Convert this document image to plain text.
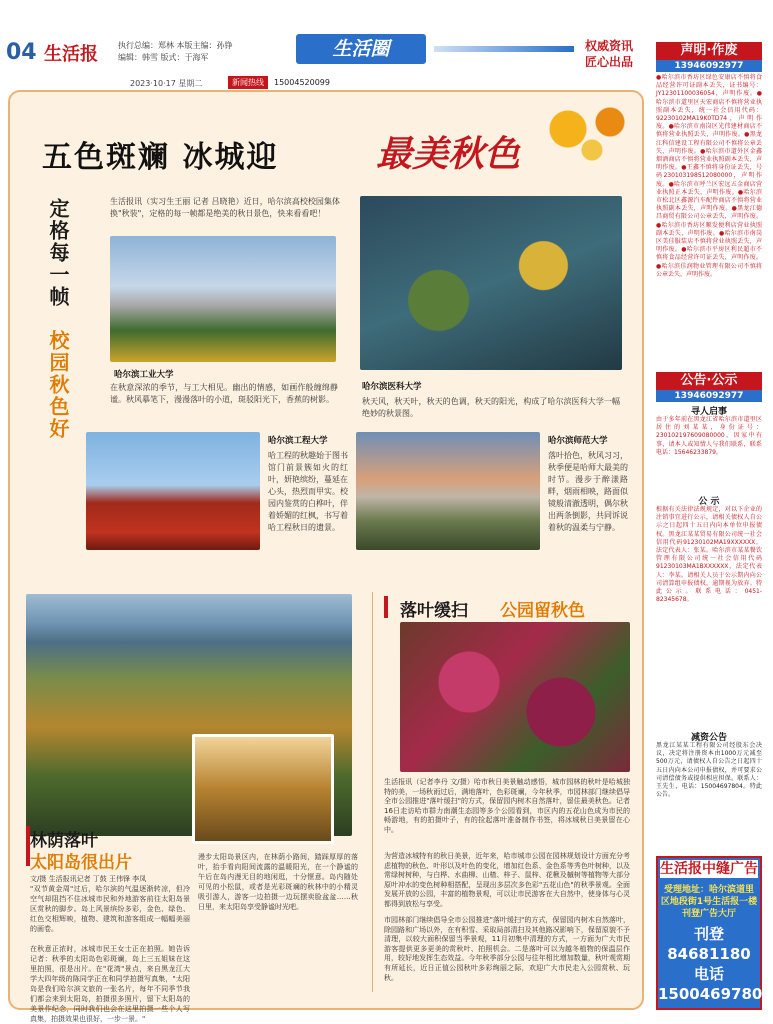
04 生活报	执行总编：郑林 本版主编：孙铮
编辑：韩雪 版式：于海军	生活圈	权威资讯
匠心出品
2023·10·17 星期二	新闻热线	15004520099
五色斑斓 冰城迎	最美秋色
定格每一帧
校园秋色好
生活报讯（实习生王丽 记者 吕晓艳）近日，哈尔滨高校校园集体换"秋装"，定格的每一帧都是绝美的秋日景色，快来看看吧！
哈尔滨工业大学
在秋意深浓的季节，与工大相见。幽出的情感，如画作般缠绵静谧。秋风摹笔下，漫漫落叶的小道，斑驳阳光下，香蕉的树影。
哈尔滨医科大学
秋天风，秋天叶，秋天的色调，秋天的阳光，构成了哈尔滨医科大学一幅绝妙的秋景图。
哈尔滨工程大学
哈工程的秋趣始于图书馆门前景簇如火的红叶，妍艳缤纷，蔓延在心头，热烈而甲实。校园内鉴赏的白桦叶，伴着娇媚的红枫，书写着哈工程秋日的遗景。
哈尔滨师范大学
落叶拾色，秋风习习，秋季便是哈师大最美的时节。漫步于醉漾路畔，烟雨相映，路面似镜般清澈透明，偶尔秋出两条倒影，共同诉说着秋的温柔与宁静。
林荫落叶
太阳岛很出片
文/摄 生活报讯记者 丁鼓 王伟锋 李凤
"双节黄金周"过后，哈尔滨的气温逐渐转凉，但冷空气却阻挡不住冰城市民和外地游客前往太阳岛景区赏秋的脚步。岛上风景缤纷多彩，金色、绿色、红色交相辉映，植物、建筑和游客组成一幅幅美丽的画卷。
在秋意正浓时，冰城市民王女士正在拍照。她告诉记者：秋季的太阳岛色彩斑斓，岛上三五姐妹在这里拍照，很是出片。在"花湾"景点，来自黑龙江大学大四年级的陈同学正在和同学拍摄写真集，"太阳岛是我们哈尔滨文旅的一张名片，每年不同季节我们都会来到太阳岛，拍摄很多照片，留下太阳岛的美景作纪念，同时我们也会在这里拍摄一些个人写真集，拍摄效果也很好，一步一景。"
漫步太阳岛景区内，在林荫小路间，踏踩厚厚的落叶，抬手看向阳间流露的温暖阳光，在一个静谧的午后在岛内漫无目的地闲逛，十分惬意。岛内随处可见的小松鼠，或者是光彩斑斓的秋林中的小精灵吸引游人，游客一边拍摄一边玩摆卖脸盆盆……秋日里，来太阳岛享受静谧时光吧。
落叶缓扫 公园留秋色
生活报讯（记者李丹 文/摄）哈市秋日美景触动感悟，城市园林的秋叶是哈城独特的美，一场秋雨过后，满地落叶，色彩斑斓，今年秋季，市园林部门继续倡导全市公园推进"落叶缓扫"的方式，保留园内树木自然落叶，留住最美秋色。记者16日走访哈市群力南潮生态园等多个公园看到，市区内的五花山色成为市民的畅游地，有的拍摄叶子，有的捡起落叶准备制作书签，将冰城秋日美景留在心中。
为营造冰城特有的秋日美景，近年来，哈市城市公园在园林规划设计方面充分考虑植物的秋色、叶形以及叶色的变化，增加红色系、金色系等秀色叶树种，以及常绿树树种，与白桦、水曲柳、山楂、梓子、鼠梓、花楸及槭树等植物等大部分原叶冲水的变色树种相搭配，呈现出多层次多色彩"五花山色"的秋季景观。全面发展开放的公园，丰富的植物景观，可以让市民游客在大自然中，使身体与心灵都得到放松与享受。
市园林部门继续倡导全市公园推进"落叶缓扫"的方式，保留园内树木自然落叶，除园路和广场以外，在有积雪、采取局部清扫及其他路况影响下，保留原貌不予清理，以较大面积保留当季景观，11月初集中清理的方式，一方面为广大市民游客提供更多更美的赏秋叶、拍照机会。二是落叶可以为越冬植物的保温层作用，较好地发挥生态效益。今年秋季部分公园与往年相比增加数量，秋叶观赏期有所延长，近日正值公园秋叶多彩绚丽之际，欢迎广大市民走入公园赏秋、玩秋。
声明·作废
13946092977
●哈尔滨市香坊区绿色安康店不慎将食品经营许可证副本丢失，证书编号：JY12301100036054，声明作废。●哈尔滨市道里区天宏商店不慎将营业执照副本丢失，统一社会信用代码：92230102MA19K0TD74，声明作废。●哈尔滨市南岗区光伟建材商店不慎将营业执照丢失，声明作废。●黑龙江科信建设工程有限公司不慎将公章丢失，声明作废。●哈尔滨市道外区金鑫烟酒商店不慎将营业执照副本丢失，声明作废。●王鑫不慎将身份证丢失，号码230103198512080000，声明作废。●哈尔滨市呼兰区宏远五金商店营业执照正本丢失，声明作废。●哈尔滨市松北区鑫源汽车配件商店不慎将营业执照副本丢失，声明作废。●黑龙江德昌商贸有限公司公章丢失，声明作废。●哈尔滨市香坊区顺发便利店营业执照副本丢失，声明作废。●哈尔滨市南岗区美佳服装店不慎将营业执照丢失，声明作废。●哈尔滨市平房区利民超市不慎将食品经营许可证丢失，声明作废。●哈尔滨佳润物业管理有限公司不慎将公章丢失，声明作废。
公告·公示
13946092977
寻人启事
由于多年前在黑龙江省哈尔滨市道里区居住的刘某某，身份证号：230102197609080000，因家中有事，请本人或知情人与我们联系，联系电话：15646233879。
公 示
根据有关法律法规规定，对以下企业的注销事宜进行公示，请相关债权人自公示之日起四十五日内向本单位申报债权。黑龙江某某贸易有限公司统一社会信用代码91230102MA19XXXXXX，法定代表人：张某。哈尔滨市某某餐饮管理有限公司统一社会信用代码91230103MA1BXXXXXX，法定代表人：李某。请相关人员于公示期内向公司清算组申报债权，逾期视为放弃。特此公示。联系电话：0451-82345678。
减资公告
黑龙江某某工程有限公司经股东会决议，决定将注册资本由1000万元减至500万元，请债权人自公告之日起四十五日内向本公司申报债权，并可要求公司清偿债务或提供相应担保。联系人：王先生，电话：15004697804。特此公告。
生活报中缝广告
受理地址：哈尔滨道里区地段街1号生活报一楼刊登广告大厅
刊登 84681180
电话 15004697804
